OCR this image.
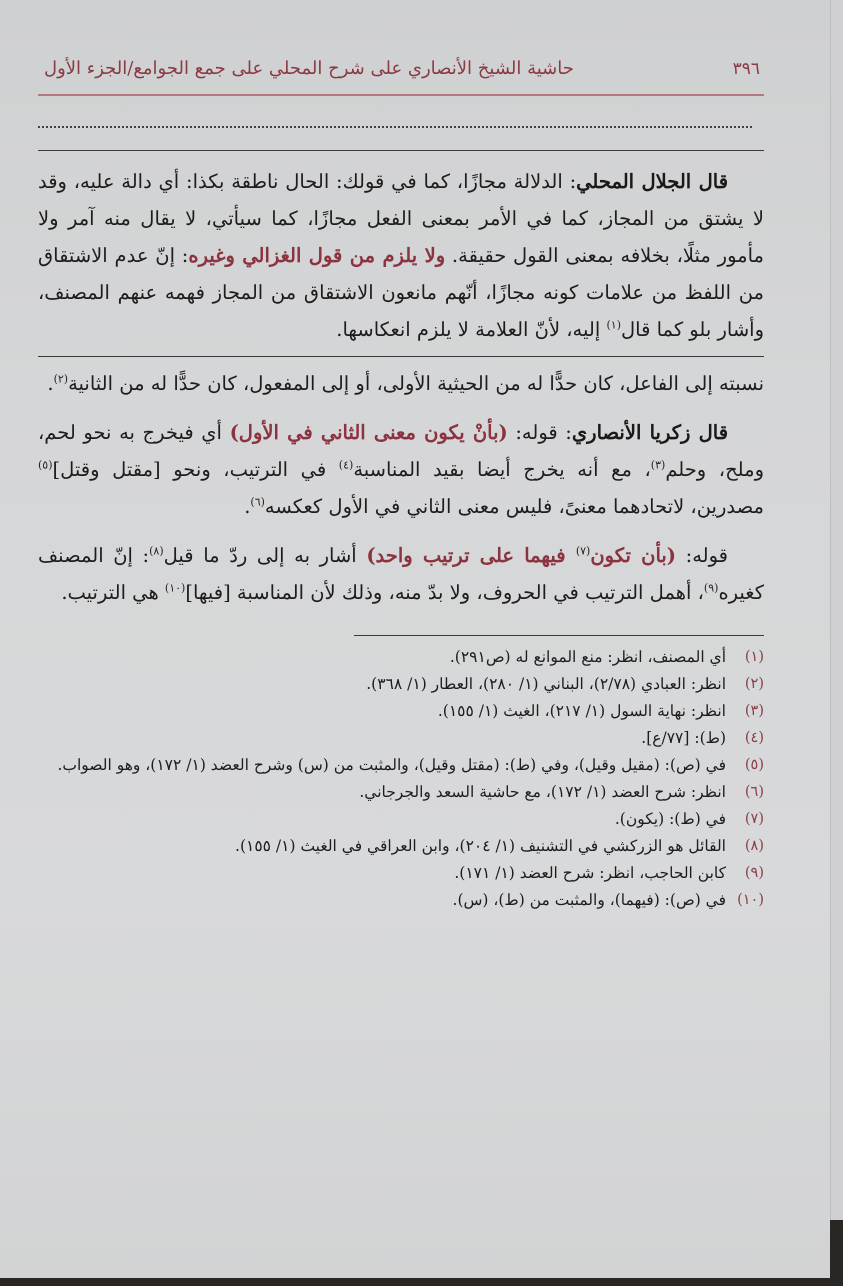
٣٩٦
حاشية الشيخ الأنصاري على شرح المحلي على جمع الجوامع/الجزء الأول

قال الجلال المحلي: الدلالة مجازًا، كما في قولك: الحال ناطقة بكذا: أي دالة عليه، وقد لا يشتق من المجاز، كما في الأمر بمعنى الفعل مجازًا، كما سيأتي، لا يقال منه آمر ولا مأمور مثلًا، بخلافه بمعنى القول حقيقة. ولا يلزم من قول الغزالي وغيره: إنّ عدم الاشتقاق من اللفظ من علامات كونه مجازًا، أنّهم مانعون الاشتقاق من المجاز فهمه عنهم المصنف، وأشار بلو كما قال$^{(١)}$ إليه، لأنّ العلامة لا يلزم انعكاسها.

نسبته إلى الفاعل، كان حدًّا له من الحيثية الأولى، أو إلى المفعول، كان حدًّا له من الثانية$^{(٢)}$.

قال زكريا الأنصاري: قوله: (بأنْ يكون معنى الثاني في الأول) أي فيخرج به نحو لحم، وملح، وحلم$^{(٣)}$، مع أنه يخرج أيضا بقيد المناسبة$^{(٤)}$ في الترتيب، ونحو [مقتل وقتل]$^{(٥)}$ مصدرين، لاتحادهما معنىً، فليس معنى الثاني في الأول كعكسه$^{(٦)}$.

قوله: (بأن تكون$^{(٧)}$ فيهما على ترتيب واحد) أشار به إلى ردّ ما قيل$^{(٨)}$: إنّ المصنف كغيره$^{(٩)}$، أهمل الترتيب في الحروف، ولا بدّ منه، وذلك لأن المناسبة [فيها]$^{(١٠)}$ هي الترتيب.

(١)
أي المصنف، انظر: منع الموانع له (ص٢٩١).
(٢)
انظر: العبادي (٢/٧٨)، البناني (١/ ٢٨٠)، العطار (١/ ٣٦٨).
(٣)
انظر: نهاية السول (١/ ٢١٧)، الغيث (١/ ١٥٥).
(٤)
(ط): [٧٧/ع].
(٥)
في (ص): (مقيل وقيل)، وفي (ط): (مقتل وقيل)، والمثبت من (س) وشرح العضد (١/ ١٧٢)، وهو الصواب.
(٦)
انظر: شرح العضد (١/ ١٧٢)، مع حاشية السعد والجرجاني.
(٧)
في (ط): (يكون).
(٨)
القائل هو الزركشي في التشنيف (١/ ٢٠٤)، وابن العراقي في الغيث (١/ ١٥٥).
(٩)
كابن الحاجب، انظر: شرح العضد (١/ ١٧١).
(١٠)
في (ص): (فيهما)، والمثبت من (ط)، (س).
